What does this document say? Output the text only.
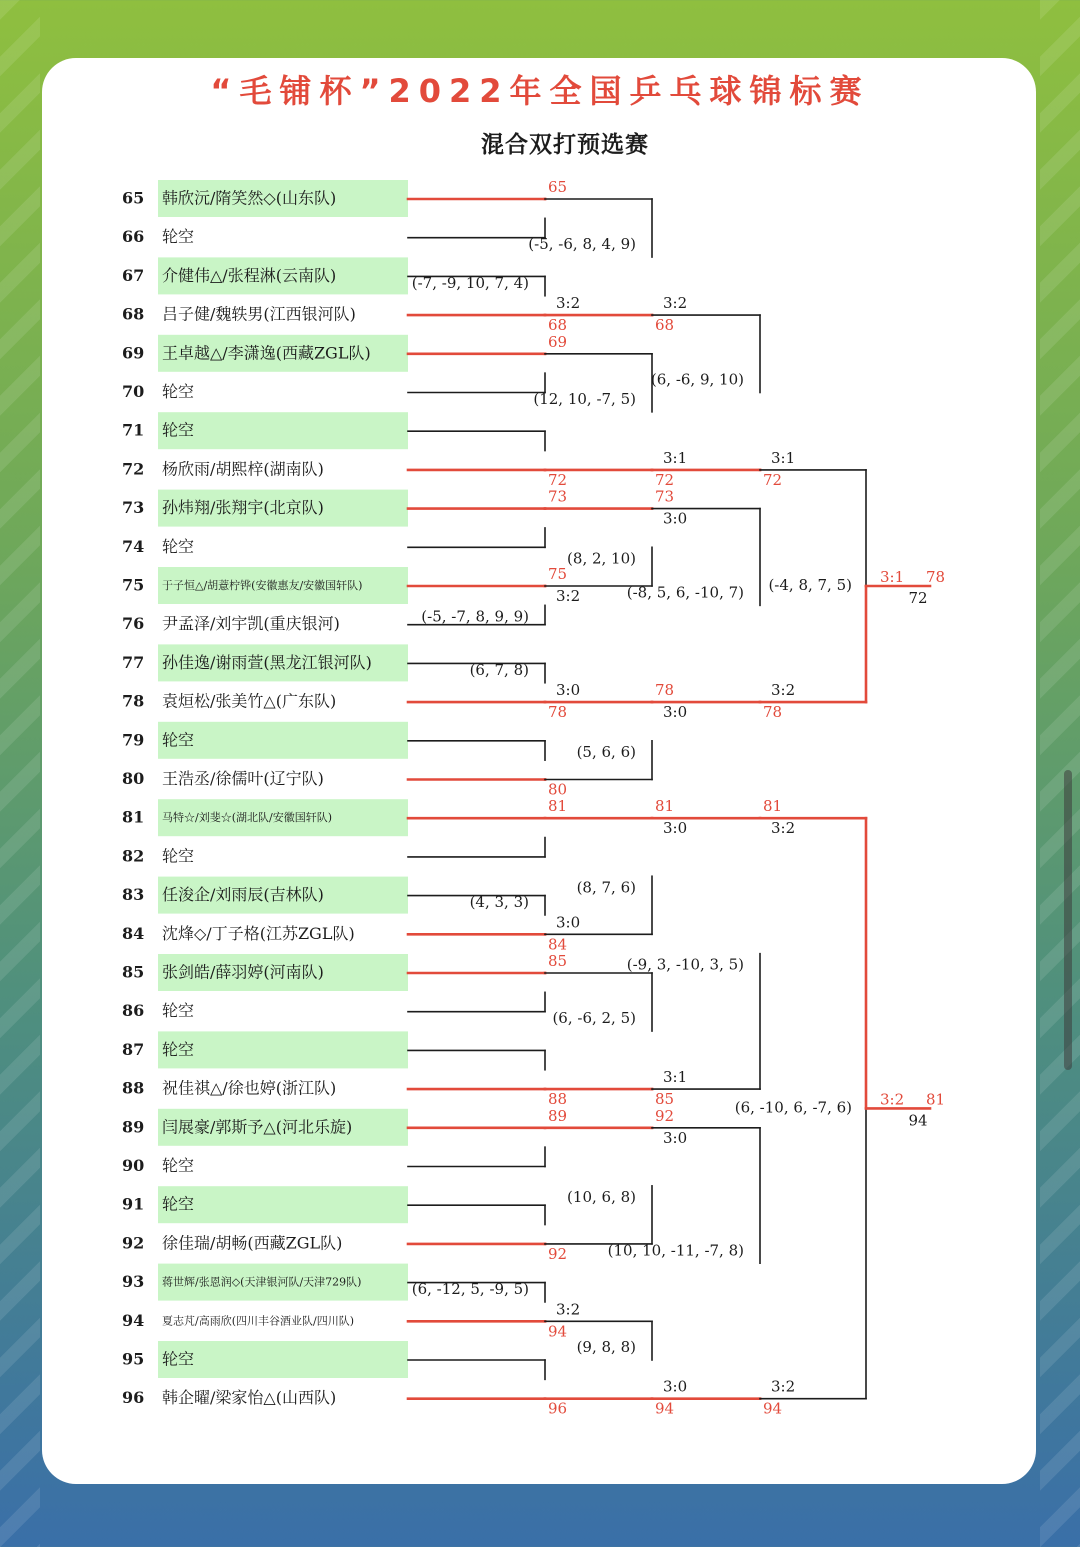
“毛铺杯”2022年全国乒乓球锦标赛
混合双打预选赛
65 韩欣沅/隋笑然◇(山东队)
66 轮空
67 介健伟△/张程淋(云南队)
68 吕子健/魏轶男(江西银河队)
69 王卓越△/李潇逸(西藏ZGL队)
70 轮空
71 轮空
72 杨欣雨/胡熙梓(湖南队)
73 孙炜翔/张翔宇(北京队)
74 轮空
75 于子恒△/胡薏柠铧(安徽惠友/安徽国轩队)
76 尹孟泽/刘宇凯(重庆银河)
77 孙佳逸/谢雨萱(黑龙江银河队)
78 袁烜松/张美竹△(广东队)
79 轮空
80 王浩丞/徐儒叶(辽宁队)
81 马特☆/刘斐☆(湖北队/安徽国轩队)
82 轮空
83 任浚企/刘雨辰(吉林队)
84 沈烽◇/丁子格(江苏ZGL队)
85 张剑皓/薛羽婷(河南队)
86 轮空
87 轮空
88 祝佳祺△/徐也婷(浙江队)
89 闫展豪/郭斯予△(河北乐旋)
90 轮空
91 轮空
92 徐佳瑞/胡畅(西藏ZGL队)
93 蒋世辉/张恩润◇(天津银河队/天津729队)
94 夏志芃/高雨欣(四川丰谷酒业队/四川队)
95 轮空
96 韩企曜/梁家怡△(山西队)
65
68
3:2
(-7, -9, 10, 7, 4)
69
72
73
75
3:2
(-5, -7, 8, 9, 9)
78
3:0
(6, 7, 8)
80
81
84
3:0
(4, 3, 3)
85
88
89
92
94
3:2
(6, -12, 5, -9, 5)
96
68
3:2
(-5, -6, 8, 4, 9)
72
3:1
(12, 10, -7, 5)
73
3:0
(8, 2, 10)
78
3:0
(5, 6, 6)
81
3:0
(8, 7, 6)
85
3:1
(6, -6, 2, 5)
92
3:0
(10, 6, 8)
94
3:0
(9, 8, 8)
72
3:1
(6, -6, 9, 10)
78
3:2
(-8, 5, 6, -10, 7)
81
3:2
(-9, 3, -10, 3, 5)
94
3:2
(10, 10, -11, -7, 8)
3:1 78
72
(-4, 8, 7, 5)
3:2 81
94
(6, -10, 6, -7, 6)
